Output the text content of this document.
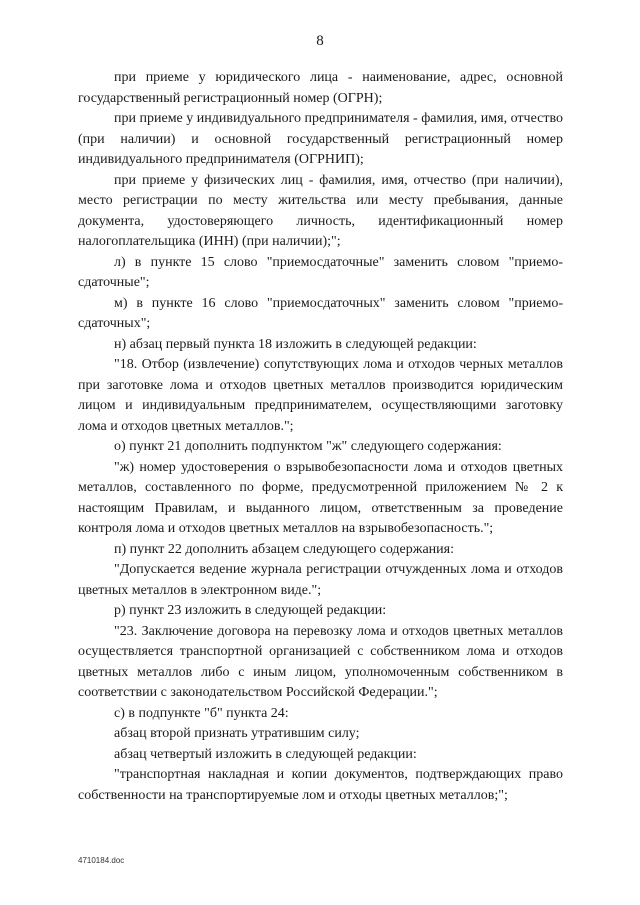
8

при приеме у юридического лица - наименование, адрес, основной государственный регистрационный номер (ОГРН);

при приеме у индивидуального предпринимателя - фамилия, имя, отчество (при наличии) и основной государственный регистрационный номер индивидуального предпринимателя (ОГРНИП);

при приеме у физических лиц - фамилия, имя, отчество (при наличии), место регистрации по месту жительства или месту пребывания, данные документа, удостоверяющего личность, идентификационный номер налогоплательщика (ИНН) (при наличии);";

л) в пункте 15 слово "приемосдаточные" заменить словом "приемо-сдаточные";

м) в пункте 16 слово "приемосдаточных" заменить словом "приемо-сдаточных";

н) абзац первый пункта 18 изложить в следующей редакции:

"18. Отбор (извлечение) сопутствующих лома и отходов черных металлов при заготовке лома и отходов цветных металлов производится юридическим лицом и индивидуальным предпринимателем, осуществляющими заготовку лома и отходов цветных металлов.";

о) пункт 21 дополнить подпунктом "ж" следующего содержания:

"ж) номер удостоверения о взрывобезопасности лома и отходов цветных металлов, составленного по форме, предусмотренной приложением № 2 к настоящим Правилам, и выданного лицом, ответственным за проведение контроля лома и отходов цветных металлов на взрывобезопасность.";

п) пункт 22 дополнить абзацем следующего содержания:

"Допускается ведение журнала регистрации отчужденных лома и отходов цветных металлов в электронном виде.";

р) пункт 23 изложить в следующей редакции:

"23. Заключение договора на перевозку лома и отходов цветных металлов осуществляется транспортной организацией с собственником лома и отходов цветных металлов либо с иным лицом, уполномоченным собственником в соответствии с законодательством Российской Федерации.";

с) в подпункте "б" пункта 24:

абзац второй признать утратившим силу;

абзац четвертый изложить в следующей редакции:

"транспортная накладная и копии документов, подтверждающих право собственности на транспортируемые лом и отходы цветных металлов;";

4710184.doc
